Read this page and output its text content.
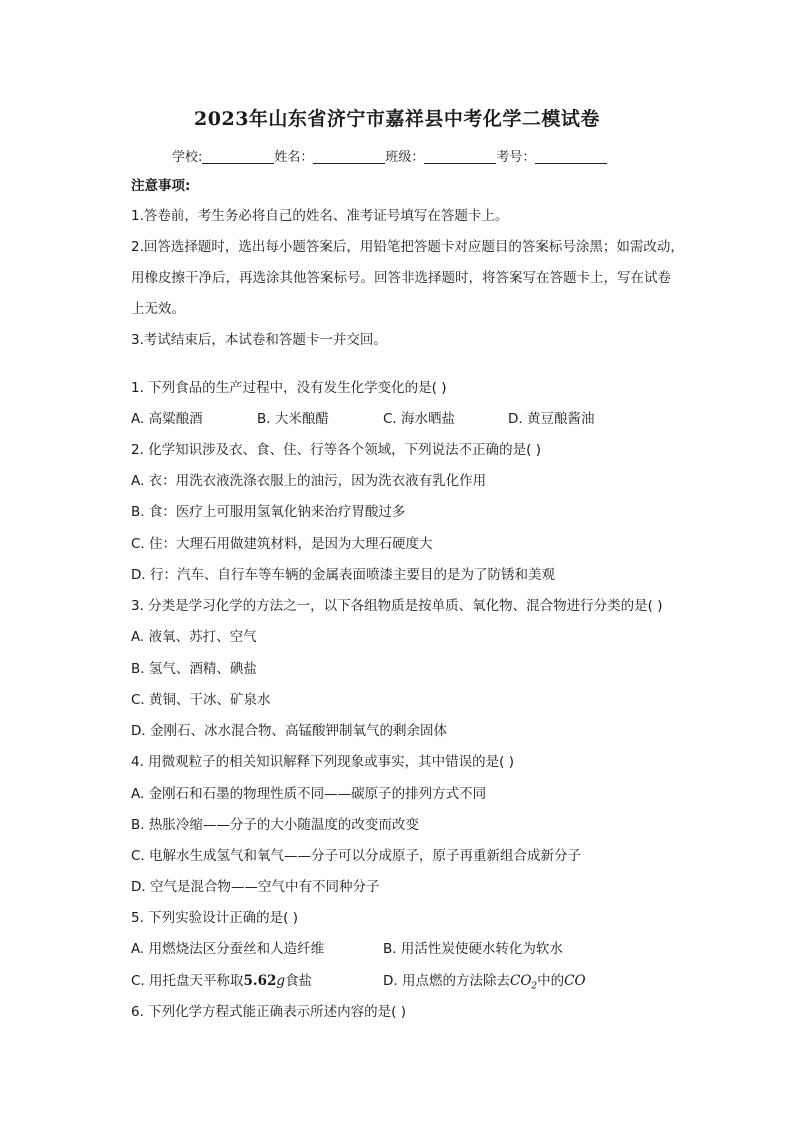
2023年山东省济宁市嘉祥县中考化学二模试卷
学校:	姓名：	班级：	考号：
注意事项:
1.答卷前，考生务必将自己的姓名、准考证号填写在答题卡上。
2.回答选择题时，选出每小题答案后，用铅笔把答题卡对应题目的答案标号涂黑；如需改动，
用橡皮擦干净后，再选涂其他答案标号。回答非选择题时，将答案写在答题卡上，写在试卷
上无效。
3.考试结束后，本试卷和答题卡一并交回。
1. 下列食品的生产过程中，没有发生化学变化的是( )
A. 高粱酿酒	B. 大米酿醋	C. 海水晒盐	D. 黄豆酿酱油
2. 化学知识涉及衣、食、住、行等各个领域，下列说法不正确的是( )
A. 衣：用洗衣液洗涤衣服上的油污，因为洗衣液有乳化作用
B. 食：医疗上可服用氢氧化钠来治疗胃酸过多
C. 住：大理石用做建筑材料，是因为大理石硬度大
D. 行：汽车、自行车等车辆的金属表面喷漆主要目的是为了防锈和美观
3. 分类是学习化学的方法之一，以下各组物质是按单质、氧化物、混合物进行分类的是( )
A. 液氧、苏打、空气
B. 氢气、酒精、碘盐
C. 黄铜、干冰、矿泉水
D. 金刚石、冰水混合物、高锰酸钾制氧气的剩余固体
4. 用微观粒子的相关知识解释下列现象或事实，其中错误的是( )
A. 金刚石和石墨的物理性质不同——碳原子的排列方式不同
B. 热胀冷缩——分子的大小随温度的改变而改变
C. 电解水生成氢气和氧气——分子可以分成原子，原子再重新组合成新分子
D. 空气是混合物——空气中有不同种分子
5. 下列实验设计正确的是( )
A. 用燃烧法区分蚕丝和人造纤维	B. 用活性炭使硬水转化为软水
C. 用托盘天平称取5.62g食盐	D. 用点燃的方法除去$CO_2$中的CO
6. 下列化学方程式能正确表示所述内容的是( )
